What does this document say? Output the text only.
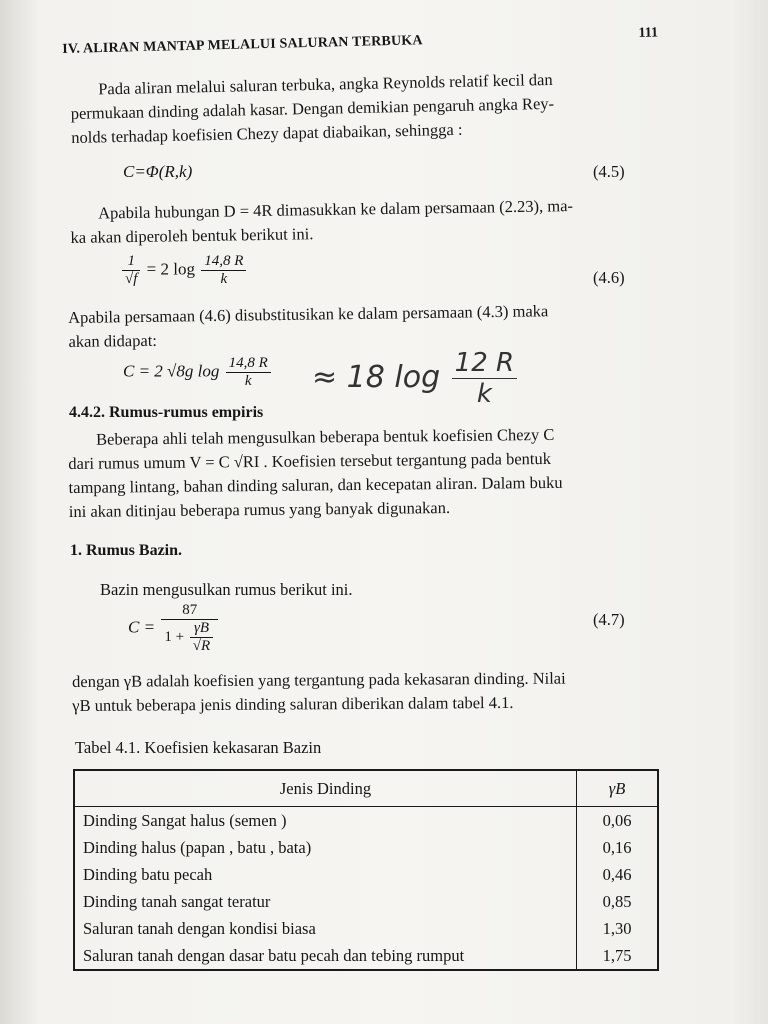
IV. ALIRAN MANTAP MELALUI SALURAN TERBUKA
111

Pada aliran melalui saluran terbuka, angka Reynolds relatif kecil dan
permukaan dinding adalah kasar. Dengan demikian pengaruh angka Rey-
nolds terhadap koefisien Chezy dapat diabaikan, sehingga :

C=Φ(R,k)	(4.5)

Apabila hubungan D = 4R dimasukkan ke dalam persamaan (2.23), ma-
ka akan diperoleh bentuk berikut ini.

$\frac{1}{√f} = 2$ $\log \frac{14,8 R}{k}$	(4.6)

Apabila persamaan (4.6) disubstitusikan ke dalam persamaan (4.3) maka
akan didapat:

C = 2 √8g $\log \frac{14,8 R}{k} \approx 18$ $\log \frac{12 R}{k}$
4.4.2. Rumus-rumus empiris

Beberapa ahli telah mengusulkan beberapa bentuk koefisien Chezy C
dari rumus umum V = C √RI . Koefisien tersebut tergantung pada bentuk
tampang lintang, bahan dinding saluran, dan kecepatan aliran. Dalam buku
ini akan ditinjau beberapa rumus yang banyak digunakan.

1. Rumus Bazin.

Bazin mengusulkan rumus berikut ini.

$C = \frac{87}{1 + \frac{\gamma B}{√R}}$	(4.7)

dengan γB adalah koefisien yang tergantung pada kekasaran dinding. Nilai
γB untuk beberapa jenis dinding saluran diberikan dalam tabel 4.1.

Tabel 4.1. Koefisien kekasaran Bazin
Jenis Dinding	γB
Dinding Sangat halus (semen )	0,06
Dinding halus (papan , batu , bata)	0,16
Dinding batu pecah	0,46
Dinding tanah sangat teratur	0,85
Saluran tanah dengan kondisi biasa	1,30
Saluran tanah dengan dasar batu pecah dan tebing rumput	1,75
